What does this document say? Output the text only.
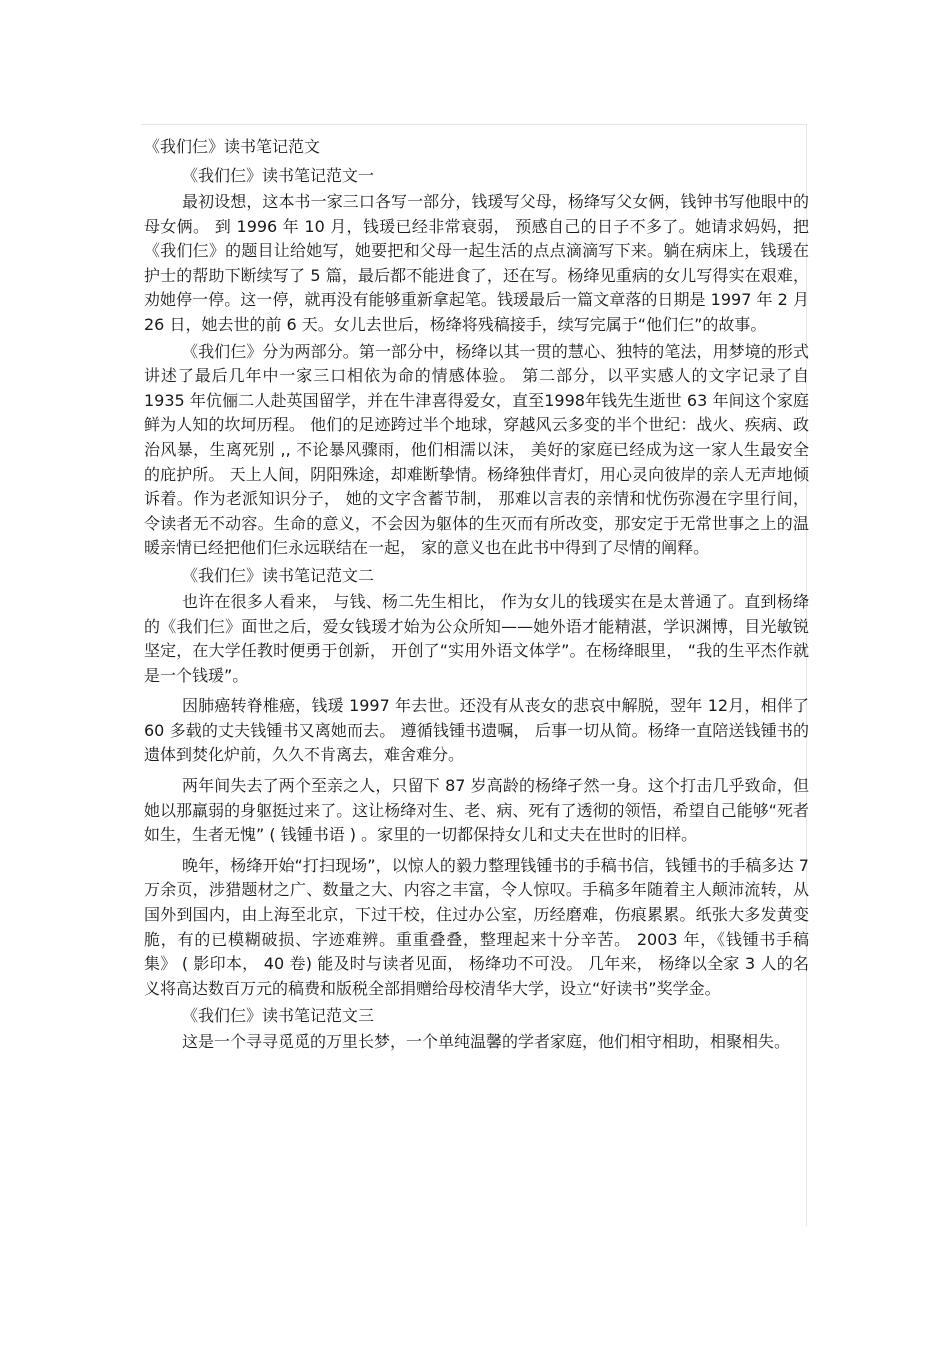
《我们仨》读书笔记范文
《我们仨》读书笔记范文一

最初设想，这本书一家三口各写一部分，钱瑗写父母，杨绛写父女俩，钱钟书写他眼中的母女俩。 到 1996 年 10 月，钱瑗已经非常衰弱， 预感自己的日子不多了。她请求妈妈，把《我们仨》的题目让给她写，她要把和父母一起生活的点点滴滴写下来。躺在病床上，钱瑗在护士的帮助下断续写了 5 篇，最后都不能进食了，还在写。杨绛见重病的女儿写得实在艰难，劝她停一停。这一停，就再没有能够重新拿起笔。钱瑗最后一篇文章落的日期是 1997 年 2 月 26 日，她去世的前 6 天。女儿去世后，杨绛将残稿接手，续写完属于“他们仨”的故事。

《我们仨》分为两部分。第一部分中，杨绛以其一贯的慧心、独特的笔法，用梦境的形式讲述了最后几年中一家三口相依为命的情感体验。 第二部分，以平实感人的文字记录了自 1935 年伉俪二人赴英国留学，并在牛津喜得爱女，直至1998年钱先生逝世 63 年间这个家庭鲜为人知的坎坷历程。 他们的足迹跨过半个地球，穿越风云多变的半个世纪：战火、疾病、政治风暴，生离死别 ,, 不论暴风骤雨，他们相濡以沫， 美好的家庭已经成为这一家人生最安全的庇护所。 天上人间，阴阳殊途，却难断挚情。杨绛独伴青灯，用心灵向彼岸的亲人无声地倾诉着。作为老派知识分子， 她的文字含蓄节制， 那难以言表的亲情和忧伤弥漫在字里行间，令读者无不动容。生命的意义，不会因为躯体的生灭而有所改变，那安定于无常世事之上的温暖亲情已经把他们仨永远联结在一起， 家的意义也在此书中得到了尽情的阐释。

《我们仨》读书笔记范文二

也许在很多人看来， 与钱、杨二先生相比， 作为女儿的钱瑗实在是太普通了。直到杨绛的《我们仨》面世之后，爱女钱瑗才始为公众所知——她外语才能精湛，学识渊博，目光敏锐坚定，在大学任教时便勇于创新， 开创了“实用外语文体学”。在杨绛眼里， “我的生平杰作就是一个钱瑗”。

因肺癌转脊椎癌，钱瑗 1997 年去世。还没有从丧女的悲哀中解脱，翌年 12月，相伴了 60 多载的丈夫钱锺书又离她而去。 遵循钱锺书遗嘱， 后事一切从简。杨绛一直陪送钱锺书的遗体到焚化炉前，久久不肯离去，难舍难分。

两年间失去了两个至亲之人，只留下 87 岁高龄的杨绛孑然一身。这个打击几乎致命，但她以那羸弱的身躯挺过来了。这让杨绛对生、老、病、死有了透彻的领悟，希望自己能够“死者如生，生者无愧” ( 钱锺书语 ) 。家里的一切都保持女儿和丈夫在世时的旧样。

晚年，杨绛开始“打扫现场”，以惊人的毅力整理钱锺书的手稿书信，钱锺书的手稿多达 7 万余页，涉猎题材之广、数量之大、内容之丰富，令人惊叹。手稿多年随着主人颠沛流转，从国外到国内，由上海至北京，下过干校，住过办公室，历经磨难，伤痕累累。纸张大多发黄变脆，有的已模糊破损、字迹难辨。重重叠叠，整理起来十分辛苦。 2003 年，《钱锺书手稿集》 ( 影印本， 40 卷) 能及时与读者见面， 杨绛功不可没。 几年来， 杨绛以全家 3 人的名义将高达数百万元的稿费和版税全部捐赠给母校清华大学，设立“好读书”奖学金。

《我们仨》读书笔记范文三

这是一个寻寻觅觅的万里长梦，一个单纯温馨的学者家庭，他们相守相助，相聚相失。
